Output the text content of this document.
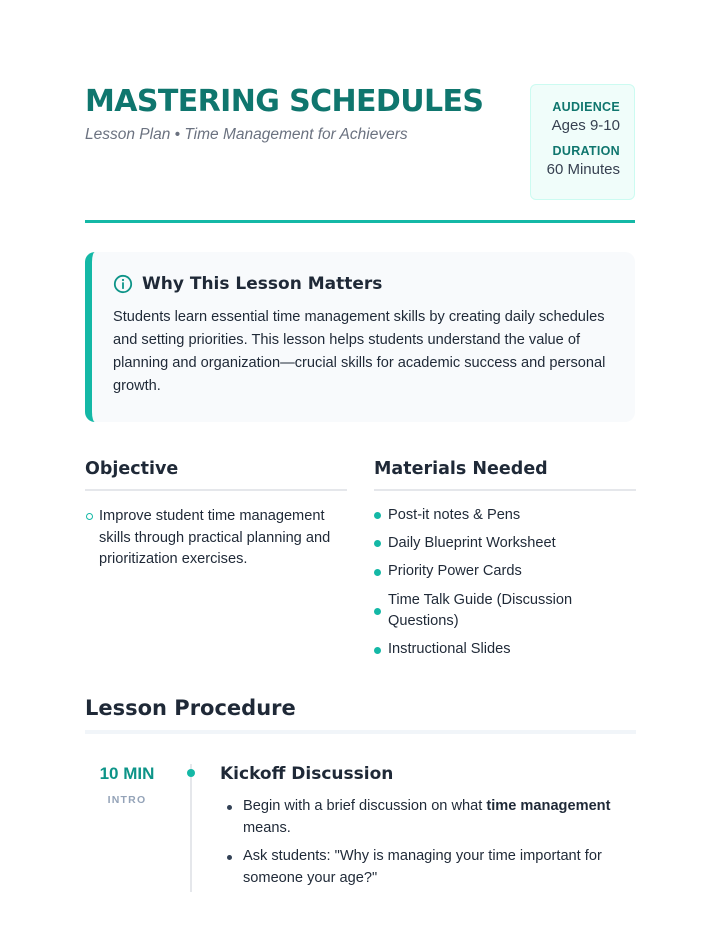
MASTERING SCHEDULES
Lesson Plan • Time Management for Achievers
AUDIENCE
Ages 9-10
DURATION
60 Minutes
Why This Lesson Matters

Students learn essential time management skills by creating daily schedules and setting priorities. This lesson helps students understand the value of planning and organization—crucial skills for academic success and personal growth.

Objective
Improve student time management skills through practical planning and prioritization exercises.
Materials Needed
Post-it notes & Pens
Daily Blueprint Worksheet
Priority Power Cards
Time Talk Guide (Discussion Questions)
Instructional Slides
Lesson Procedure
10 MIN
INTRO
Kickoff Discussion
Begin with a brief discussion on what time management means.
Ask students: "Why is managing your time important for someone your age?"
